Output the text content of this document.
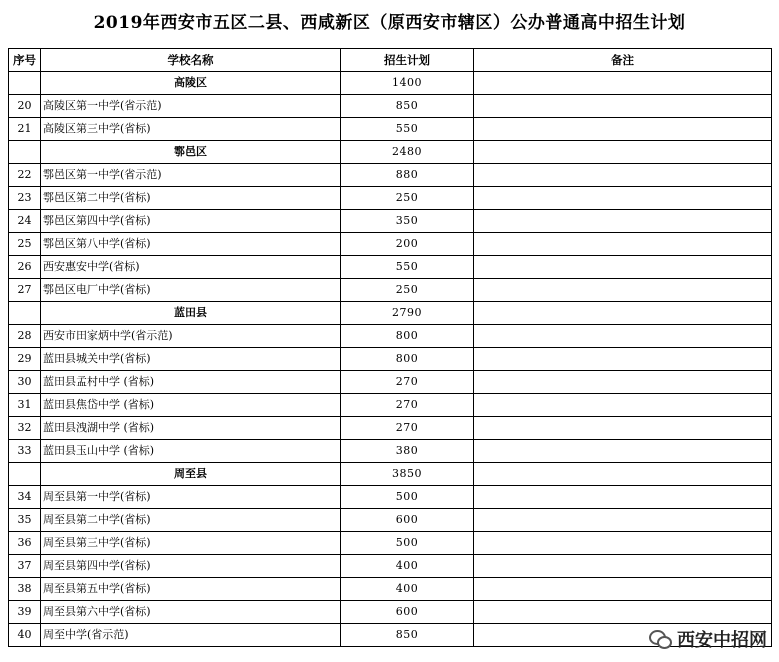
2019年西安市五区二县、西咸新区（原西安市辖区）公办普通高中招生计划
序号	学校名称	招生计划	备注
	高陵区	1400	
20	高陵区第一中学(省示范)	850	
21	高陵区第三中学(省标)	550	
	鄠邑区	2480	
22	鄠邑区第一中学(省示范)	880	
23	鄠邑区第二中学(省标)	250	
24	鄠邑区第四中学(省标)	350	
25	鄠邑区第八中学(省标)	200	
26	西安惠安中学(省标)	550	
27	鄠邑区电厂中学(省标)	250	
	蓝田县	2790	
28	西安市田家炳中学(省示范)	800	
29	蓝田县城关中学(省标)	800	
30	蓝田县孟村中学 (省标)	270	
31	蓝田县焦岱中学 (省标)	270	
32	蓝田县洩湖中学 (省标)	270	
33	蓝田县玉山中学 (省标)	380	
	周至县	3850	
34	周至县第一中学(省标)	500	
35	周至县第二中学(省标)	600	
36	周至县第三中学(省标)	500	
37	周至县第四中学(省标)	400	
38	周至县第五中学(省标)	400	
39	周至县第六中学(省标)	600	
40	周至中学(省示范)	850		西安中招网
